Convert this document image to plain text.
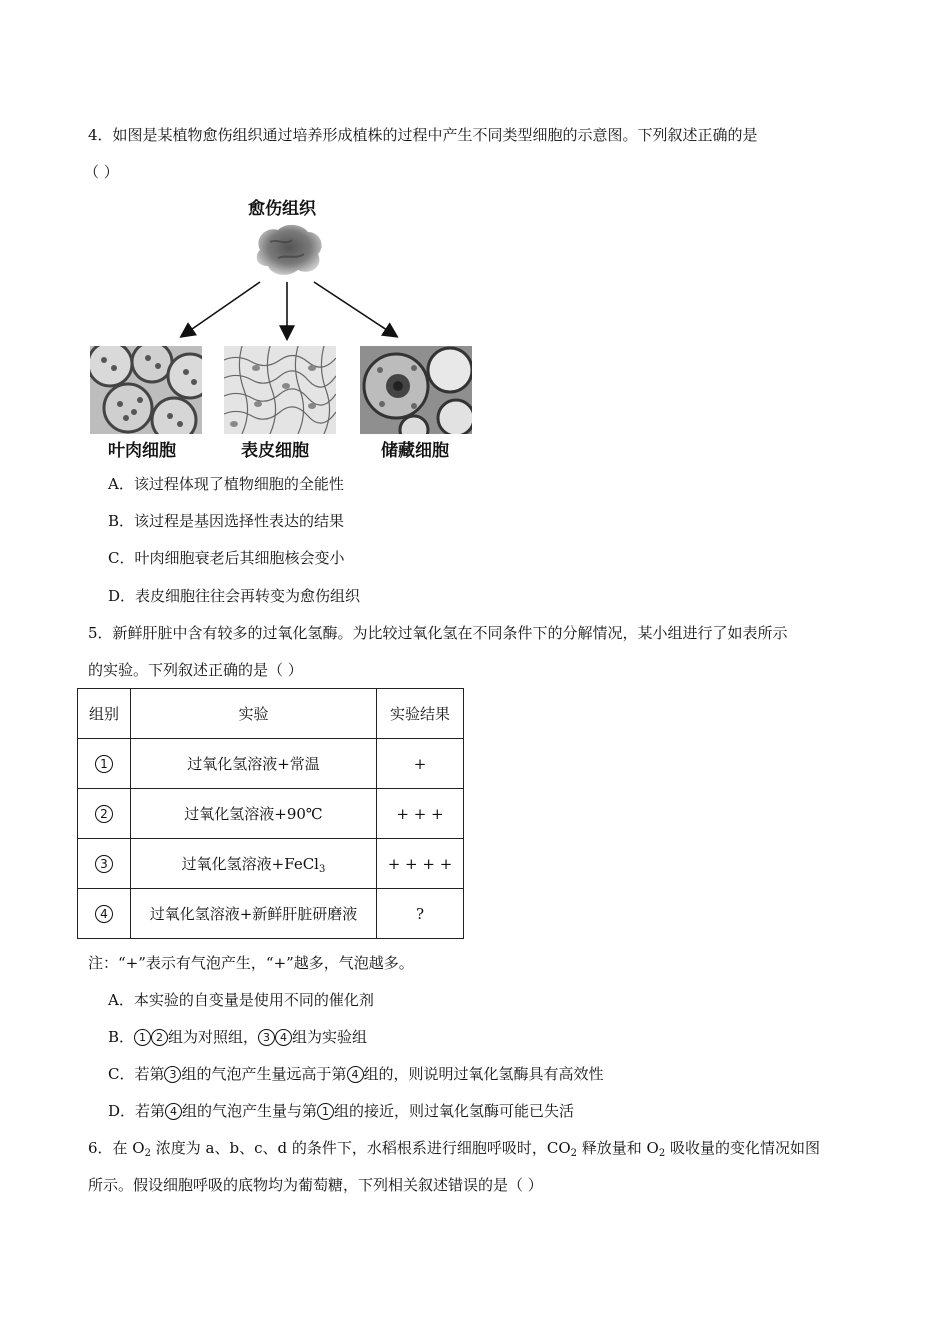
4．如图是某植物愈伤组织通过培养形成植株的过程中产生不同类型细胞的示意图。下列叙述正确的是
（ ）
愈伤组织
叶肉细胞	表皮细胞	储藏细胞
A．该过程体现了植物细胞的全能性
B．该过程是基因选择性表达的结果
C．叶肉细胞衰老后其细胞核会变小
D．表皮细胞往往会再转变为愈伤组织
5．新鲜肝脏中含有较多的过氧化氢酶。为比较过氧化氢在不同条件下的分解情况，某小组进行了如表所示
的实验。下列叙述正确的是（ ）
组别	实验	实验结果
1	过氧化氢溶液+常温	+
2	过氧化氢溶液+90℃	+ + +
3	过氧化氢溶液+FeCl$_3$	+ + + +
4	过氧化氢溶液+新鲜肝脏研磨液	?
注：“+”表示有气泡产生，“+”越多，气泡越多。
A．本实验的自变量是使用不同的催化剂
B． 1 2 组为对照组， 3 4 组为实验组
C．若第 3 组的气泡产生量远高于第 4 组的，则说明过氧化氢酶具有高效性
D．若第 4 组的气泡产生量与第 1 组的接近，则过氧化氢酶可能已失活
6．在 $O_2$ 浓度为 a、b、c、d 的条件下，水稻根系进行细胞呼吸时，$CO_2$ 释放量和 $O_2$ 吸收量的变化情况如图
所示。假设细胞呼吸的底物均为葡萄糖，下列相关叙述错误的是（ ）
